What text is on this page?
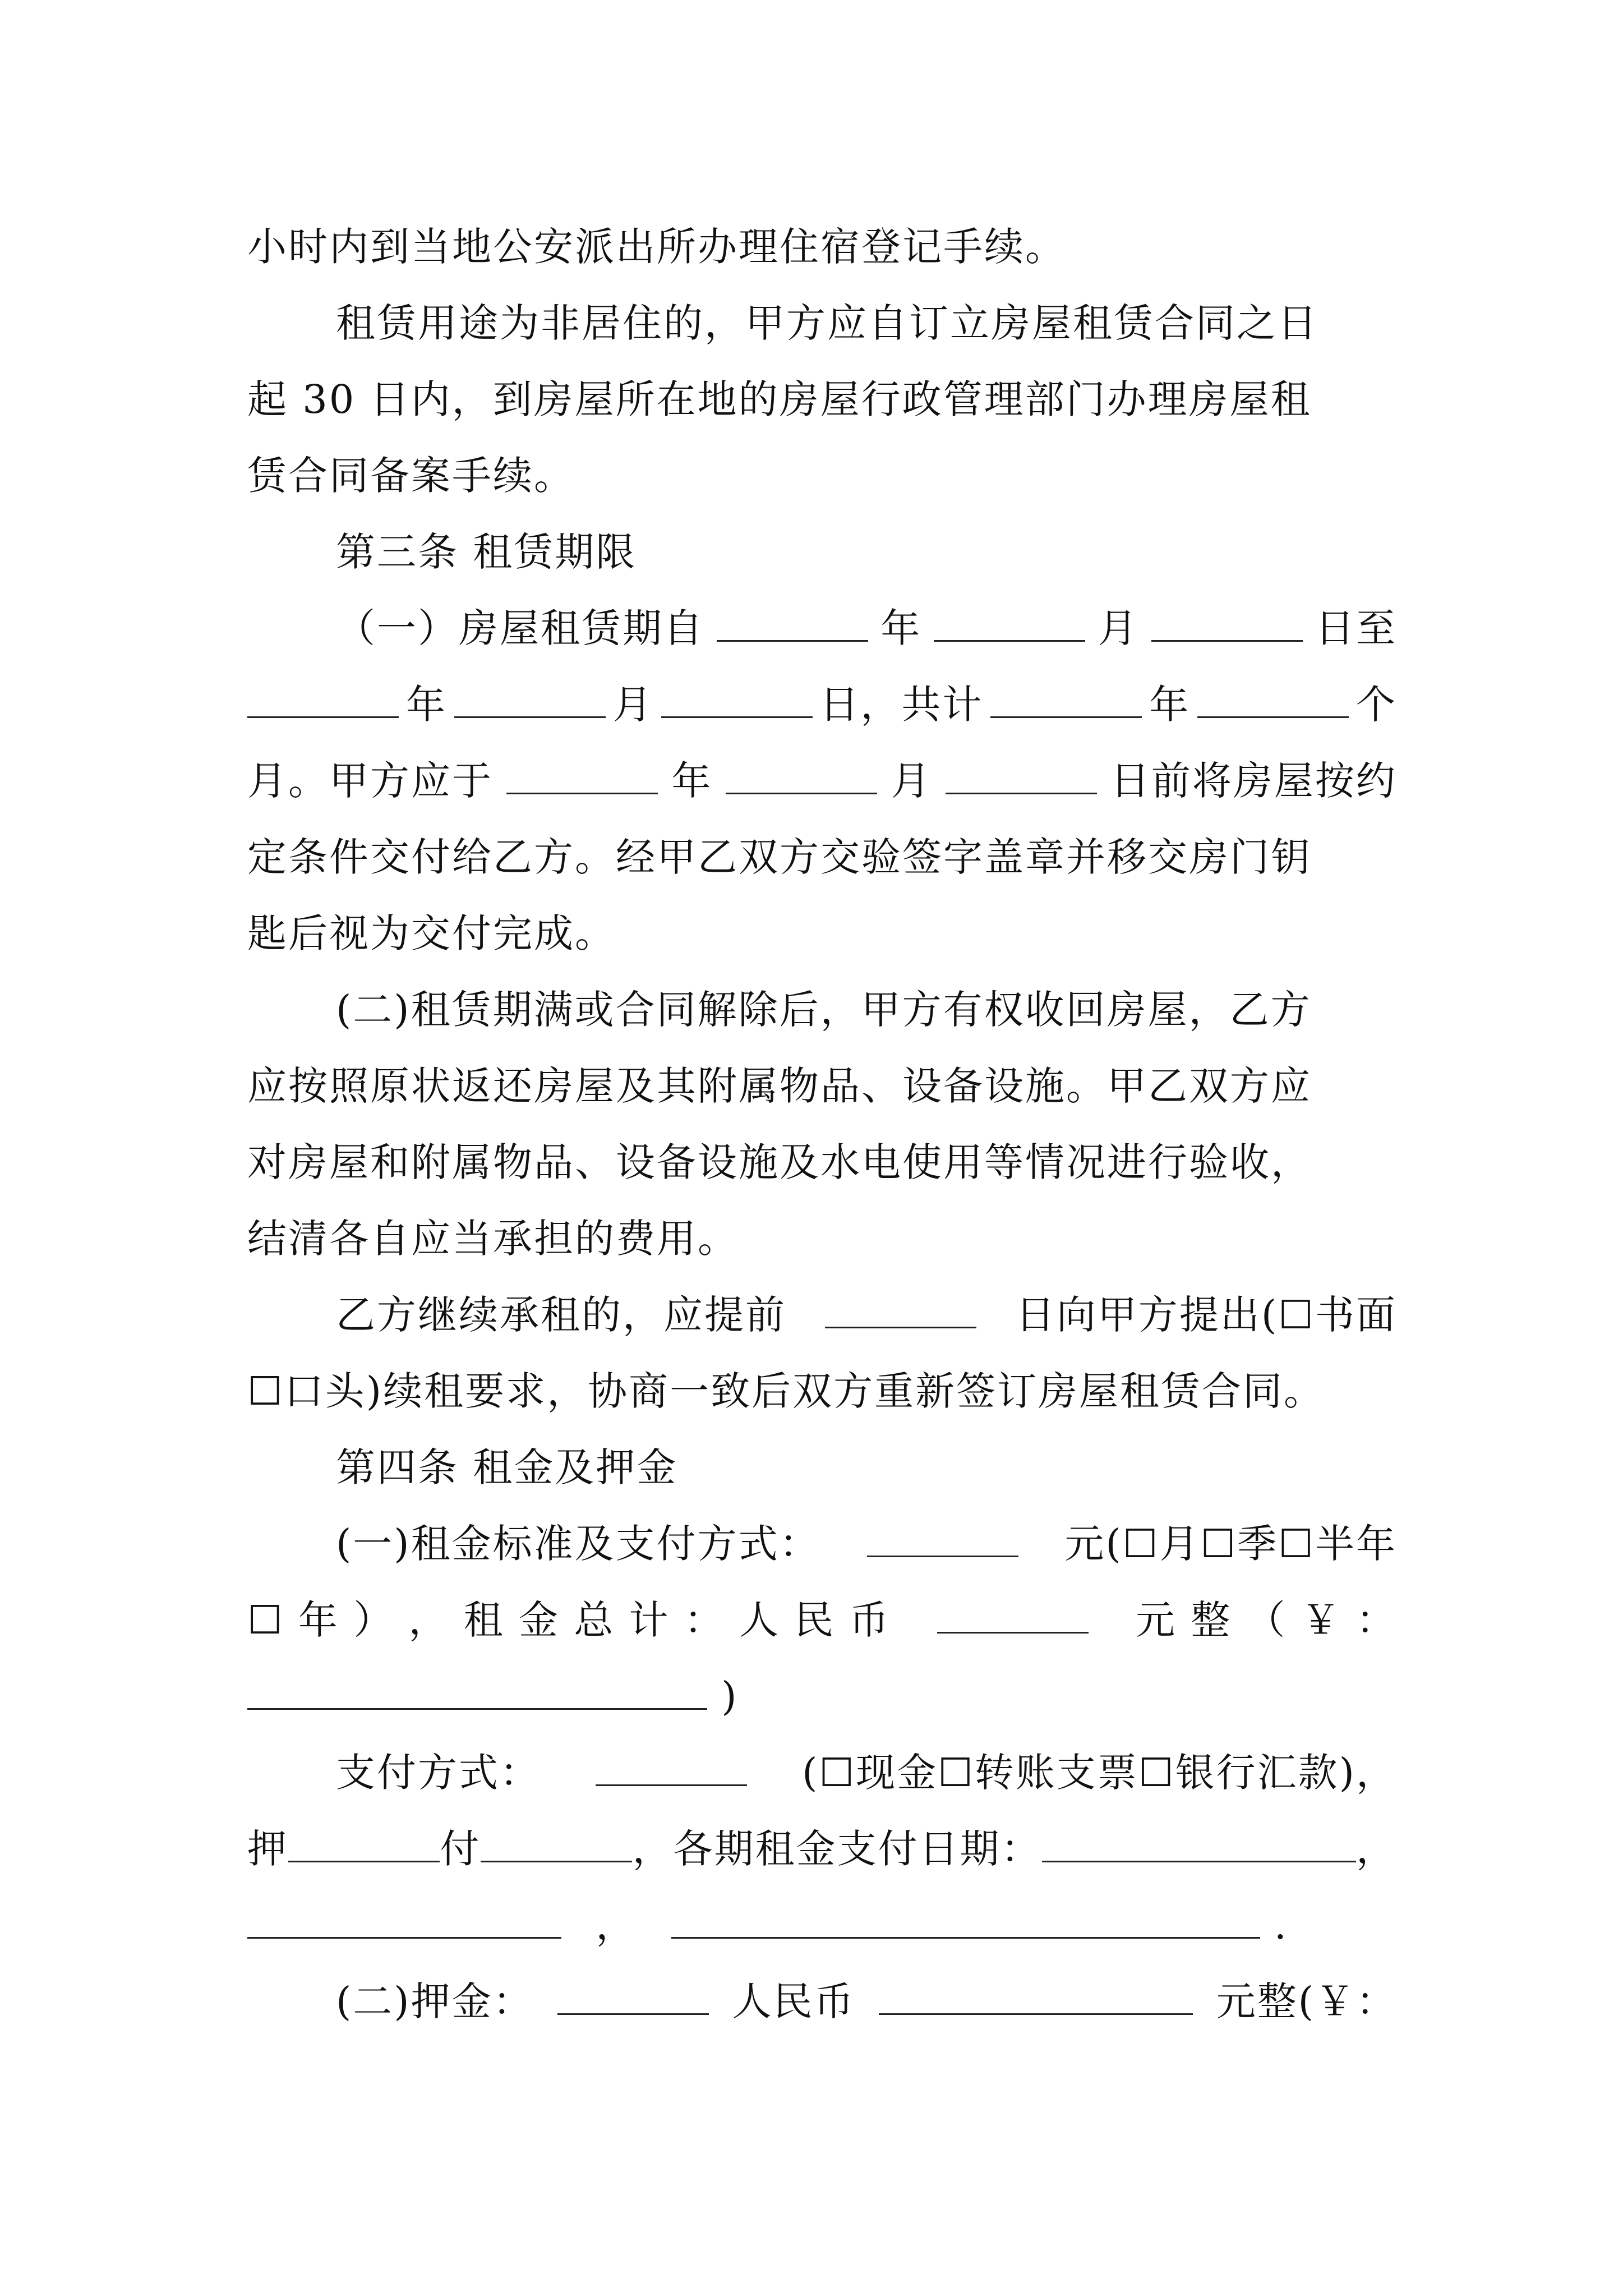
小时内到当地公安派出所办理住宿登记手续。
租赁用途为非居住的，甲方应自订立房屋租赁合同之日
起 30 日内，到房屋所在地的房屋行政管理部门办理房屋租
赁合同备案手续。
第三条 租赁期限
（一）房屋租赁期自	年	月	日至
年	月	日，共计	年	个
月。甲方应于	年	月	日前将房屋按约
定条件交付给乙方。经甲乙双方交验签字盖章并移交房门钥
匙后视为交付完成。
(二)租赁期满或合同解除后，甲方有权收回房屋，乙方
应按照原状返还房屋及其附属物品、设备设施。甲乙双方应
对房屋和附属物品、设备设施及水电使用等情况进行验收，
结清各自应当承担的费用。
乙方继续承租的，应提前	日向甲方提出(☐书面
☐口头)续租要求，协商一致后双方重新签订房屋租赁合同。
第四条 租金及押金
(一)租金标准及支付方式：	元(☐月☐季☐半年
☐ 年 ） ， 租 金 总 计 ： 人 民 币	元 整 （ ￥ ：
)
支付方式：	(☐现金☐转账支票☐银行汇款)，
押	付	，各期租金支付日期：	，
，	.
(二)押金：	人民币	元整(￥：
